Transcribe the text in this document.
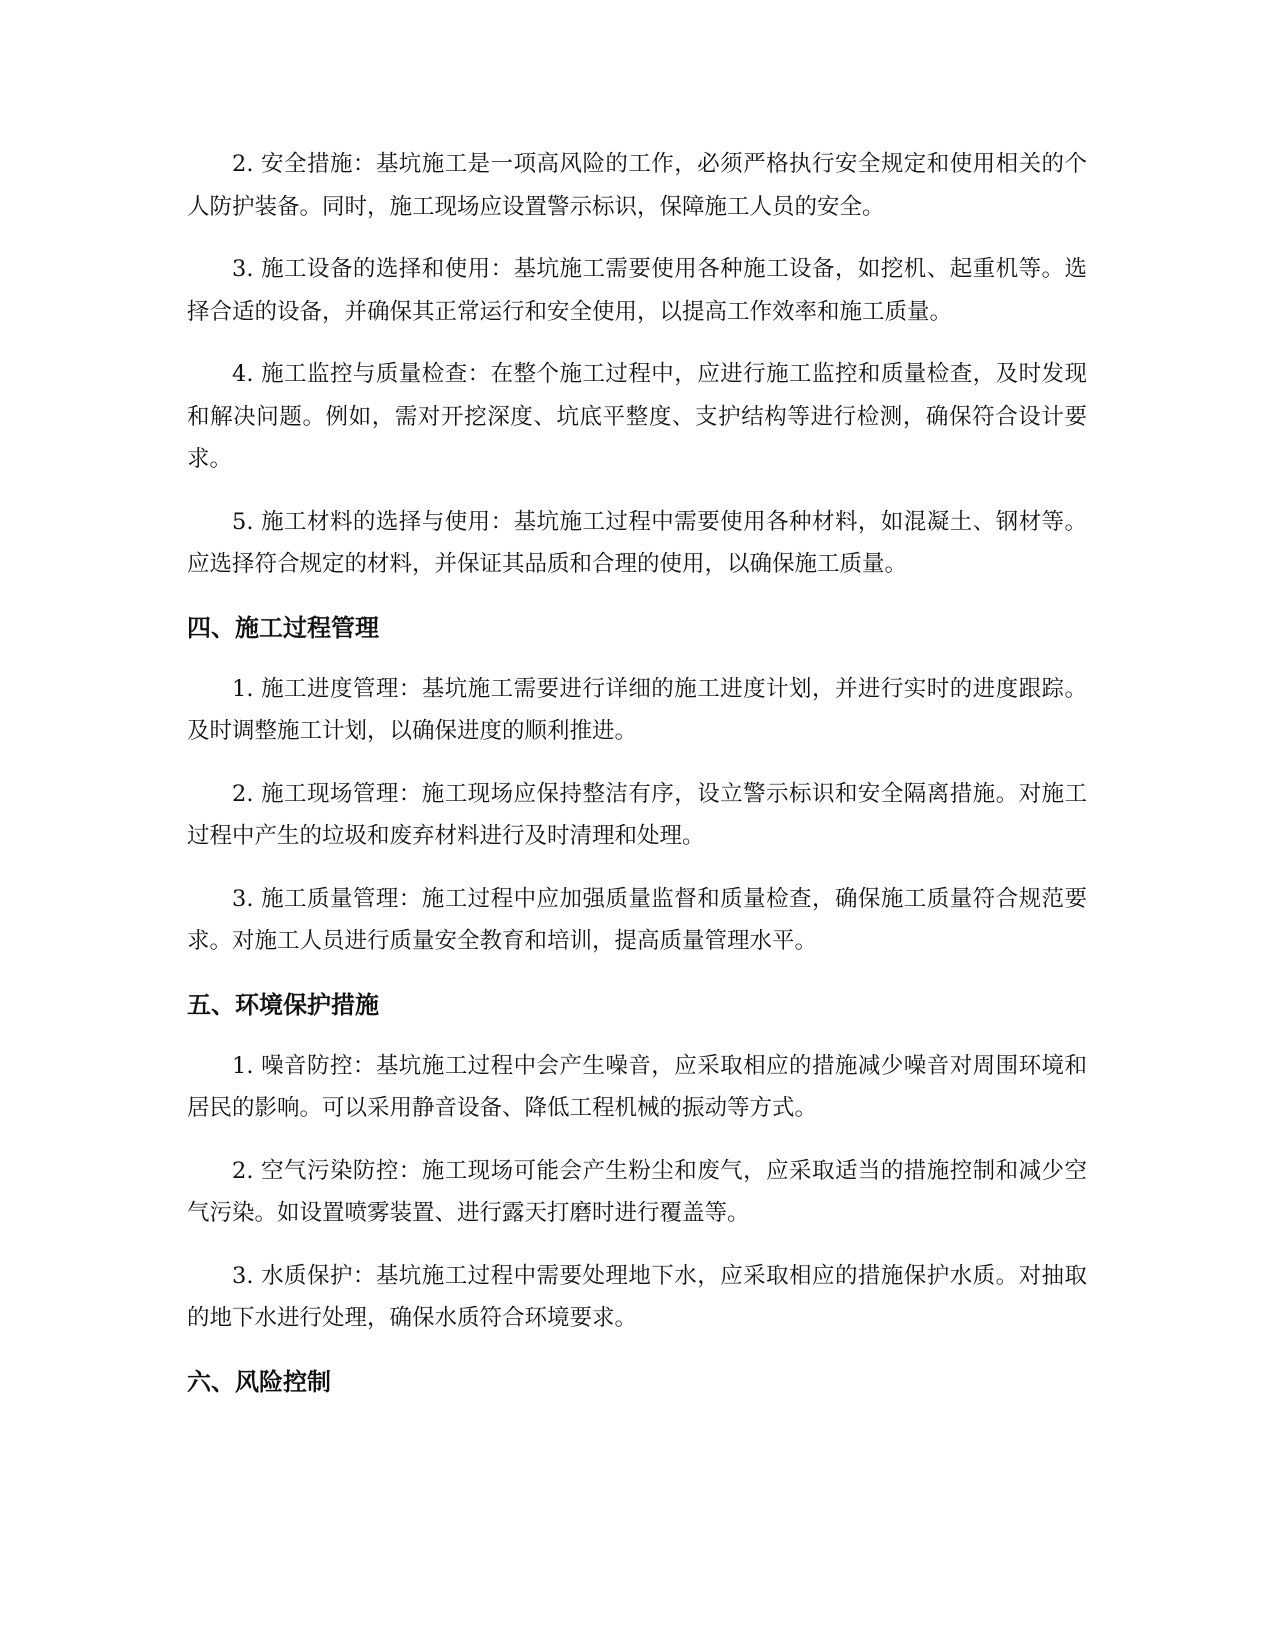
2. 安全措施：基坑施工是一项高风险的工作，必须严格执行安全规定和使用相关的个人防护装备。同时，施工现场应设置警示标识，保障施工人员的安全。

3. 施工设备的选择和使用：基坑施工需要使用各种施工设备，如挖机、起重机等。选择合适的设备，并确保其正常运行和安全使用，以提高工作效率和施工质量。

4. 施工监控与质量检查：在整个施工过程中，应进行施工监控和质量检查，及时发现和解决问题。例如，需对开挖深度、坑底平整度、支护结构等进行检测，确保符合设计要求。

5. 施工材料的选择与使用：基坑施工过程中需要使用各种材料，如混凝土、钢材等。应选择符合规定的材料，并保证其品质和合理的使用，以确保施工质量。

四、施工过程管理

1. 施工进度管理：基坑施工需要进行详细的施工进度计划，并进行实时的进度跟踪。及时调整施工计划，以确保进度的顺利推进。

2. 施工现场管理：施工现场应保持整洁有序，设立警示标识和安全隔离措施。对施工过程中产生的垃圾和废弃材料进行及时清理和处理。

3. 施工质量管理：施工过程中应加强质量监督和质量检查，确保施工质量符合规范要求。对施工人员进行质量安全教育和培训，提高质量管理水平。

五、环境保护措施

1. 噪音防控：基坑施工过程中会产生噪音，应采取相应的措施减少噪音对周围环境和居民的影响。可以采用静音设备、降低工程机械的振动等方式。

2. 空气污染防控：施工现场可能会产生粉尘和废气，应采取适当的措施控制和减少空气污染。如设置喷雾装置、进行露天打磨时进行覆盖等。

3. 水质保护：基坑施工过程中需要处理地下水，应采取相应的措施保护水质。对抽取的地下水进行处理，确保水质符合环境要求。

六、风险控制
